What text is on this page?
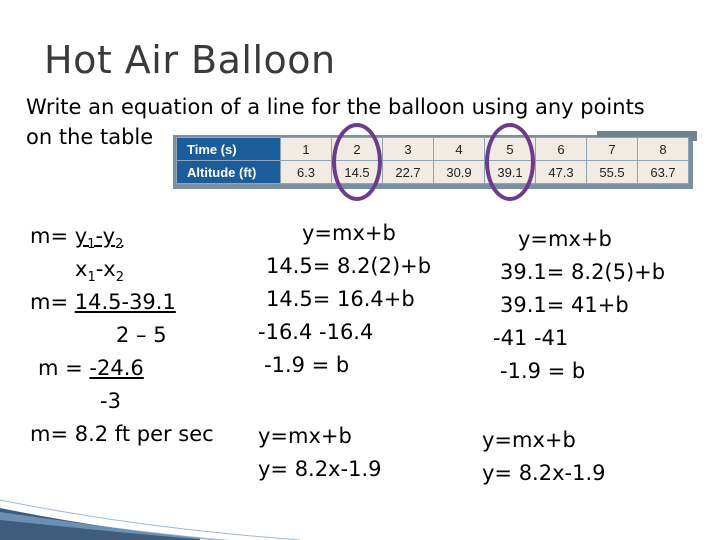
Hot Air Balloon
Write an equation of a line for the balloon using any points
on the table	Time (s)	1	2	3	4	5	6	7	8
Altitude (ft)	6.3	14.5	22.7	30.9	39.1	47.3	55.5	63.7
$m= y_1-y_2$
$x_1-x_2$
m= 14.5-39.1
2 – 5
m = -24.6
-3
m= 8.2 ft per sec
y=mx+b
14.5= 8.2(2)+b
14.5= 16.4+b
-16.4 -16.4
-1.9 = b
y=mx+b
y= 8.2x-1.9
y=mx+b
39.1= 8.2(5)+b
39.1= 41+b
-41 -41
-1.9 = b
y=mx+b
y= 8.2x-1.9
